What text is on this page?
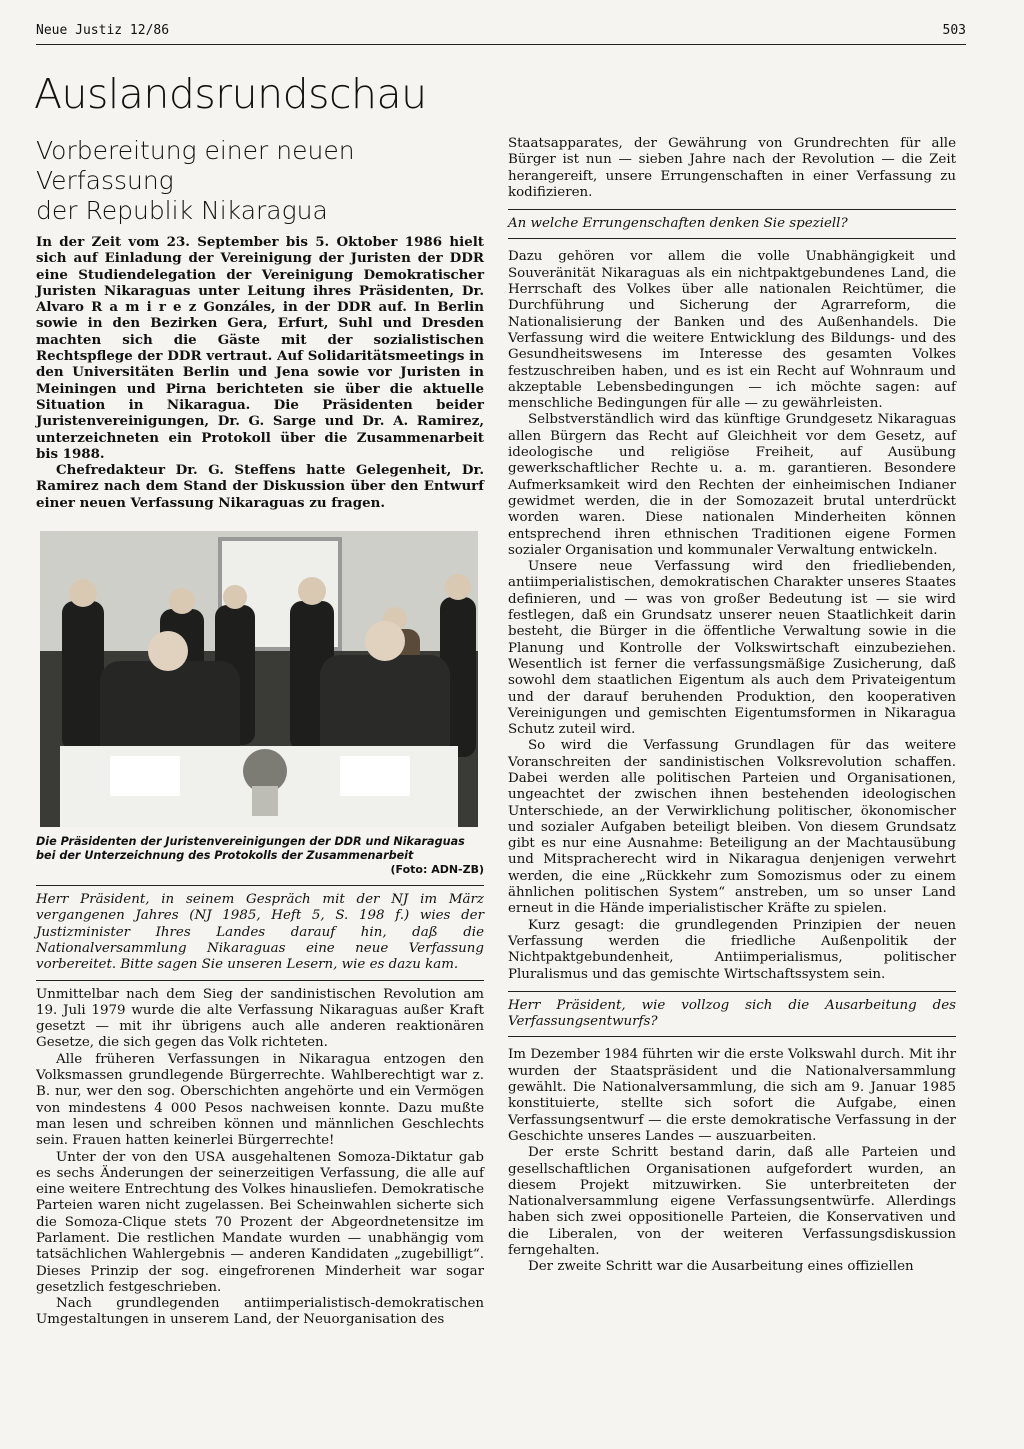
Neue Justiz 12/86	503
Auslandsrundschau
Vorbereitung einer neuen Verfassung
der Republik Nikaragua

In der Zeit vom 23. September bis 5. Oktober 1986 hielt sich auf Einladung der Vereinigung der Juristen der DDR eine Studiendelegation der Vereinigung Demokratischer Juristen Nikaraguas unter Leitung ihres Präsidenten, Dr. Alvaro R a m i r e z Gonzáles, in der DDR auf. In Berlin sowie in den Bezirken Gera, Erfurt, Suhl und Dresden machten sich die Gäste mit der sozialistischen Rechtspflege der DDR vertraut. Auf Solidaritätsmeetings in den Universitäten Berlin und Jena sowie vor Juristen in Meiningen und Pirna berichteten sie über die aktuelle Situation in Nikaragua. Die Präsidenten beider Juristenvereinigungen, Dr. G. Sarge und Dr. A. Ramirez, unterzeichneten ein Protokoll über die Zusammenarbeit bis 1988.

Chefredakteur Dr. G. Steffens hatte Gelegenheit, Dr. Ramirez nach dem Stand der Diskussion über den Entwurf einer neuen Verfassung Nikaraguas zu fragen.

Die Präsidenten der Juristenvereinigungen der DDR und Nikaraguas bei der Unterzeichnung des Protokolls der Zusammenarbeit
(Foto: ADN-ZB)

Herr Präsident, in seinem Gespräch mit der NJ im März vergangenen Jahres (NJ 1985, Heft 5, S. 198 f.) wies der Justizminister Ihres Landes darauf hin, daß die Nationalversammlung Nikaraguas eine neue Verfassung vorbereitet. Bitte sagen Sie unseren Lesern, wie es dazu kam.

Unmittelbar nach dem Sieg der sandinistischen Revolution am 19. Juli 1979 wurde die alte Verfassung Nikaraguas außer Kraft gesetzt — mit ihr übrigens auch alle anderen reaktionären Gesetze, die sich gegen das Volk richteten.

Alle früheren Verfassungen in Nikaragua entzogen den Volksmassen grundlegende Bürgerrechte. Wahlberechtigt war z. B. nur, wer den sog. Oberschichten angehörte und ein Vermögen von mindestens 4 000 Pesos nachweisen konnte. Dazu mußte man lesen und schreiben können und männlichen Geschlechts sein. Frauen hatten keinerlei Bürgerrechte!

Unter der von den USA ausgehaltenen Somoza-Diktatur gab es sechs Änderungen der seinerzeitigen Verfassung, die alle auf eine weitere Entrechtung des Volkes hinausliefen. Demokratische Parteien waren nicht zugelassen. Bei Scheinwahlen sicherte sich die Somoza-Clique stets 70 Prozent der Abgeordnetensitze im Parlament. Die restlichen Mandate wurden — unabhängig vom tatsächlichen Wahlergebnis — anderen Kandidaten „zugebilligt“. Dieses Prinzip der sog. eingefrorenen Minderheit war sogar gesetzlich festgeschrieben.

Nach grundlegenden antiimperialistisch-demokratischen Umgestaltungen in unserem Land, der Neuorganisation des

Staatsapparates, der Gewährung von Grundrechten für alle Bürger ist nun — sieben Jahre nach der Revolution — die Zeit herangereift, unsere Errungenschaften in einer Verfassung zu kodifizieren.

An welche Errungenschaften denken Sie speziell?

Dazu gehören vor allem die volle Unabhängigkeit und Souveränität Nikaraguas als ein nichtpaktgebundenes Land, die Herrschaft des Volkes über alle nationalen Reichtümer, die Durchführung und Sicherung der Agrarreform, die Nationalisierung der Banken und des Außenhandels. Die Verfassung wird die weitere Entwicklung des Bildungs- und des Gesundheitswesens im Interesse des gesamten Volkes festzuschreiben haben, und es ist ein Recht auf Wohnraum und akzeptable Lebensbedingungen — ich möchte sagen: auf menschliche Bedingungen für alle — zu gewährleisten.

Selbstverständlich wird das künftige Grundgesetz Nikaraguas allen Bürgern das Recht auf Gleichheit vor dem Gesetz, auf ideologische und religiöse Freiheit, auf Ausübung gewerkschaftlicher Rechte u. a. m. garantieren. Besondere Aufmerksamkeit wird den Rechten der einheimischen Indianer gewidmet werden, die in der Somozazeit brutal unterdrückt worden waren. Diese nationalen Minderheiten können entsprechend ihren ethnischen Traditionen eigene Formen sozialer Organisation und kommunaler Verwaltung entwickeln.

Unsere neue Verfassung wird den friedliebenden, antiimperialistischen, demokratischen Charakter unseres Staates definieren, und — was von großer Bedeutung ist — sie wird festlegen, daß ein Grundsatz unserer neuen Staatlichkeit darin besteht, die Bürger in die öffentliche Verwaltung sowie in die Planung und Kontrolle der Volkswirtschaft einzubeziehen. Wesentlich ist ferner die verfassungsmäßige Zusicherung, daß sowohl dem staatlichen Eigentum als auch dem Privateigentum und der darauf beruhenden Produktion, den kooperativen Vereinigungen und gemischten Eigentumsformen in Nikaragua Schutz zuteil wird.

So wird die Verfassung Grundlagen für das weitere Voranschreiten der sandinistischen Volksrevolution schaffen. Dabei werden alle politischen Parteien und Organisationen, ungeachtet der zwischen ihnen bestehenden ideologischen Unterschiede, an der Verwirklichung politischer, ökonomischer und sozialer Aufgaben beteiligt bleiben. Von diesem Grundsatz gibt es nur eine Ausnahme: Beteiligung an der Machtausübung und Mitspracherecht wird in Nikaragua denjenigen verwehrt werden, die eine „Rückkehr zum Somozismus oder zu einem ähnlichen politischen System“ anstreben, um so unser Land erneut in die Hände imperialistischer Kräfte zu spielen.

Kurz gesagt: die grundlegenden Prinzipien der neuen Verfassung werden die friedliche Außenpolitik der Nichtpaktgebundenheit, Antiimperialismus, politischer Pluralismus und das gemischte Wirtschaftssystem sein.

Herr Präsident, wie vollzog sich die Ausarbeitung des Verfassungsentwurfs?

Im Dezember 1984 führten wir die erste Volkswahl durch. Mit ihr wurden der Staatspräsident und die Nationalversammlung gewählt. Die Nationalversammlung, die sich am 9. Januar 1985 konstituierte, stellte sich sofort die Aufgabe, einen Verfassungsentwurf — die erste demokratische Verfassung in der Geschichte unseres Landes — auszuarbeiten.

Der erste Schritt bestand darin, daß alle Parteien und gesellschaftlichen Organisationen aufgefordert wurden, an diesem Projekt mitzuwirken. Sie unterbreiteten der Nationalversammlung eigene Verfassungsentwürfe. Allerdings haben sich zwei oppositionelle Parteien, die Konservativen und die Liberalen, von der weiteren Verfassungsdiskussion ferngehalten.

Der zweite Schritt war die Ausarbeitung eines offiziellen
